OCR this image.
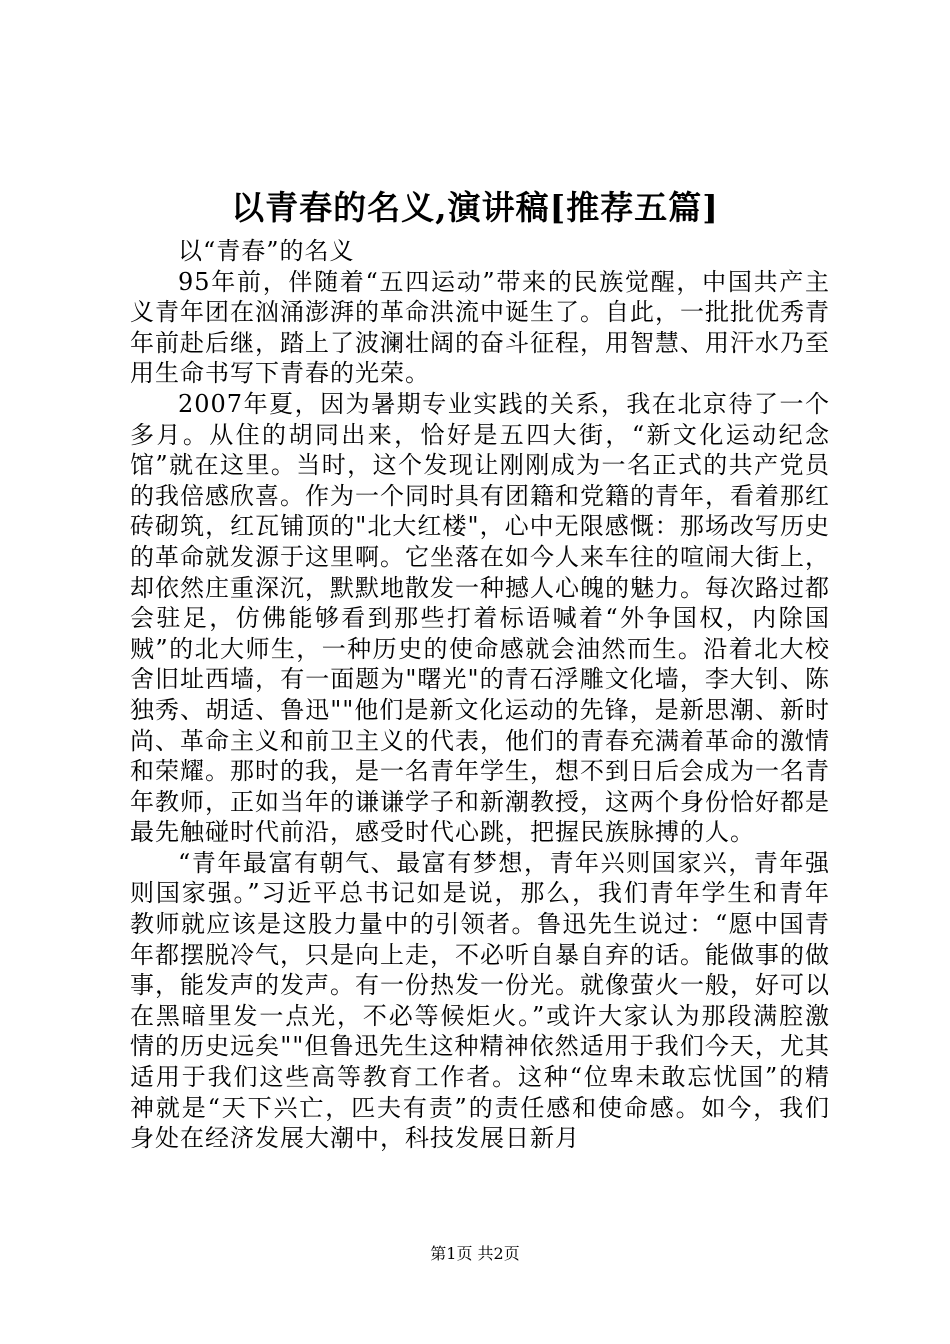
以青春的名义,演讲稿[推荐五篇]

以“青春”的名义

95年前，伴随着“五四运动”带来的民族觉醒，中国共产主义青年团在汹涌澎湃的革命洪流中诞生了。自此，一批批优秀青年前赴后继，踏上了波澜壮阔的奋斗征程，用智慧、用汗水乃至用生命书写下青春的光荣。

2007年夏，因为暑期专业实践的关系，我在北京待了一个多月。从住的胡同出来，恰好是五四大街，“新文化运动纪念馆”就在这里。当时，这个发现让刚刚成为一名正式的共产党员的我倍感欣喜。作为一个同时具有团籍和党籍的青年，看着那红砖砌筑，红瓦铺顶的"北大红楼"，心中无限感慨：那场改写历史的革命就发源于这里啊。它坐落在如今人来车往的喧闹大街上，却依然庄重深沉，默默地散发一种撼人心魄的魅力。每次路过都会驻足，仿佛能够看到那些打着标语喊着“外争国权，内除国贼”的北大师生，一种历史的使命感就会油然而生。沿着北大校舍旧址西墙，有一面题为"曙光"的青石浮雕文化墙，李大钊、陈独秀、胡适、鲁迅""他们是新文化运动的先锋，是新思潮、新时尚、革命主义和前卫主义的代表，他们的青春充满着革命的激情和荣耀。那时的我，是一名青年学生，想不到日后会成为一名青年教师，正如当年的谦谦学子和新潮教授，这两个身份恰好都是最先触碰时代前沿，感受时代心跳，把握民族脉搏的人。

“青年最富有朝气、最富有梦想，青年兴则国家兴，青年强则国家强。”习近平总书记如是说，那么，我们青年学生和青年教师就应该是这股力量中的引领者。鲁迅先生说过：“愿中国青年都摆脱冷气，只是向上走，不必听自暴自弃的话。能做事的做事，能发声的发声。有一份热发一份光。就像萤火一般，好可以在黑暗里发一点光，不必等候炬火。”或许大家认为那段满腔激情的历史远矣""但鲁迅先生这种精神依然适用于我们今天，尤其适用于我们这些高等教育工作者。这种“位卑未敢忘忧国”的精神就是“天下兴亡，匹夫有责”的责任感和使命感。如今，我们身处在经济发展大潮中，科技发展日新月

第1页 共2页
